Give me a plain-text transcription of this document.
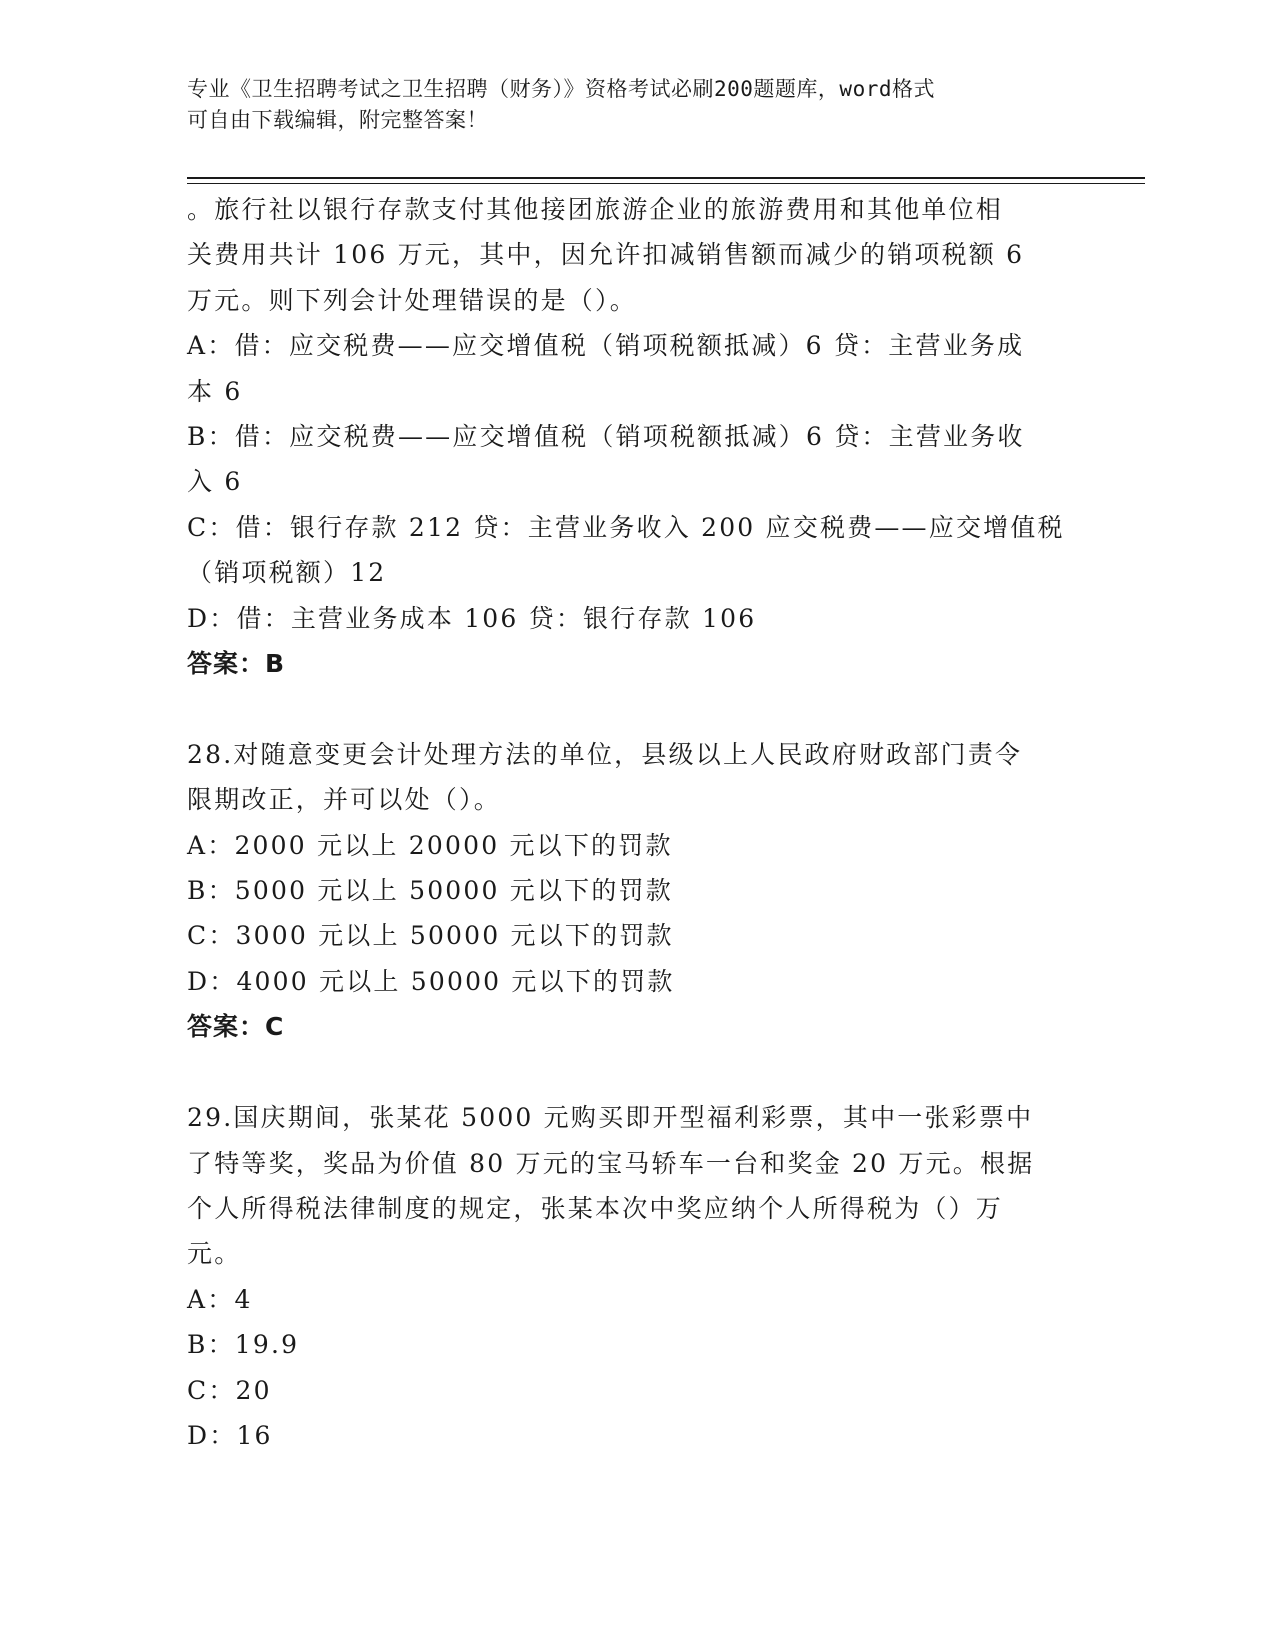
专业《卫生招聘考试之卫生招聘（财务）》资格考试必刷200题题库，word格式
可自由下载编辑，附完整答案！

。旅行社以银行存款支付其他接团旅游企业的旅游费用和其他单位相

关费用共计 106 万元，其中，因允许扣减销售额而减少的销项税额 6

万元。则下列会计处理错误的是（）。

A：借：应交税费——应交增值税（销项税额抵减）6 贷：主营业务成

本 6

B：借：应交税费——应交增值税（销项税额抵减）6 贷：主营业务收

入 6

C：借：银行存款 212 贷：主营业务收入 200 应交税费——应交增值税

（销项税额）12

D：借：主营业务成本 106 贷：银行存款 106

答案：B

28.对随意变更会计处理方法的单位，县级以上人民政府财政部门责令

限期改正，并可以处（）。

A：2000 元以上 20000 元以下的罚款

B：5000 元以上 50000 元以下的罚款

C：3000 元以上 50000 元以下的罚款

D：4000 元以上 50000 元以下的罚款

答案：C

29.国庆期间，张某花 5000 元购买即开型福利彩票，其中一张彩票中

了特等奖，奖品为价值 80 万元的宝马轿车一台和奖金 20 万元。根据

个人所得税法律制度的规定，张某本次中奖应纳个人所得税为（）万

元。

A：4

B：19.9

C：20

D：16
